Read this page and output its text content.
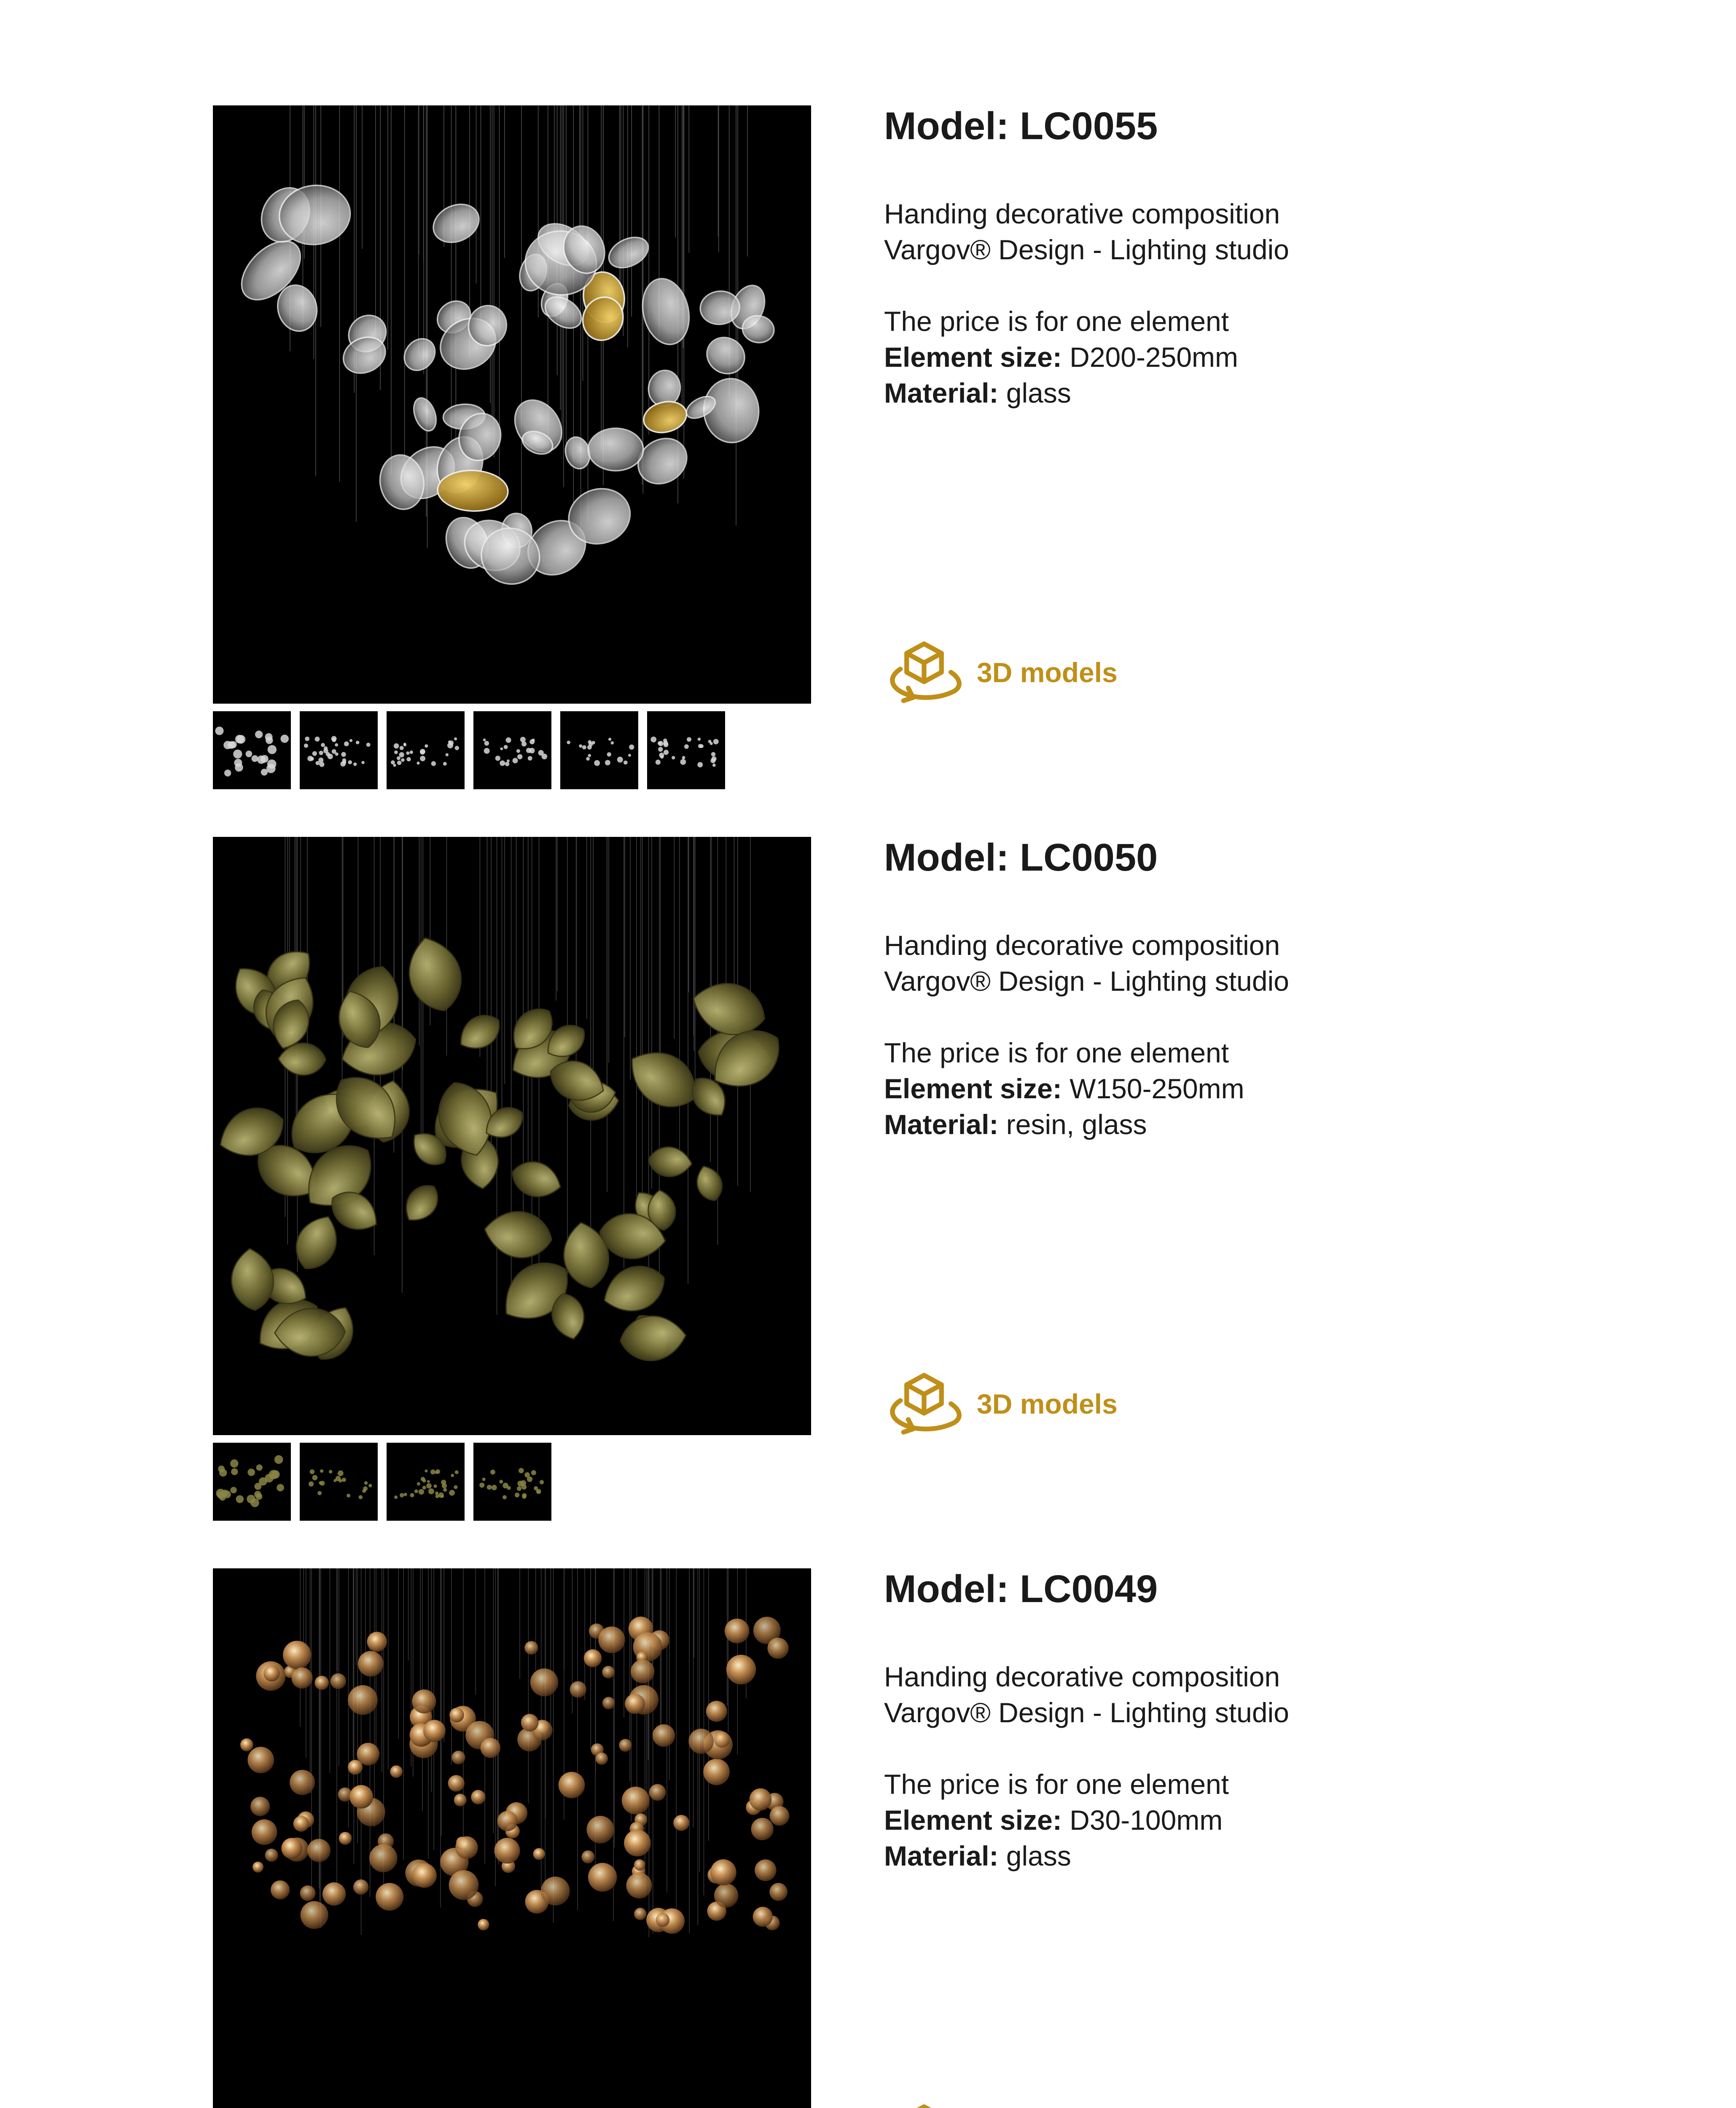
Model: LC0055
Handing decorative composition
Vargov® Design - Lighting studio
The price is for one element
Element size: D200-250mm
Material: glass
3D models
Model: LC0050
Handing decorative composition
Vargov® Design - Lighting studio
The price is for one element
Element size: W150-250mm
Material: resin, glass
3D models
Model: LC0049
Handing decorative composition
Vargov® Design - Lighting studio
The price is for one element
Element size: D30-100mm
Material: glass
